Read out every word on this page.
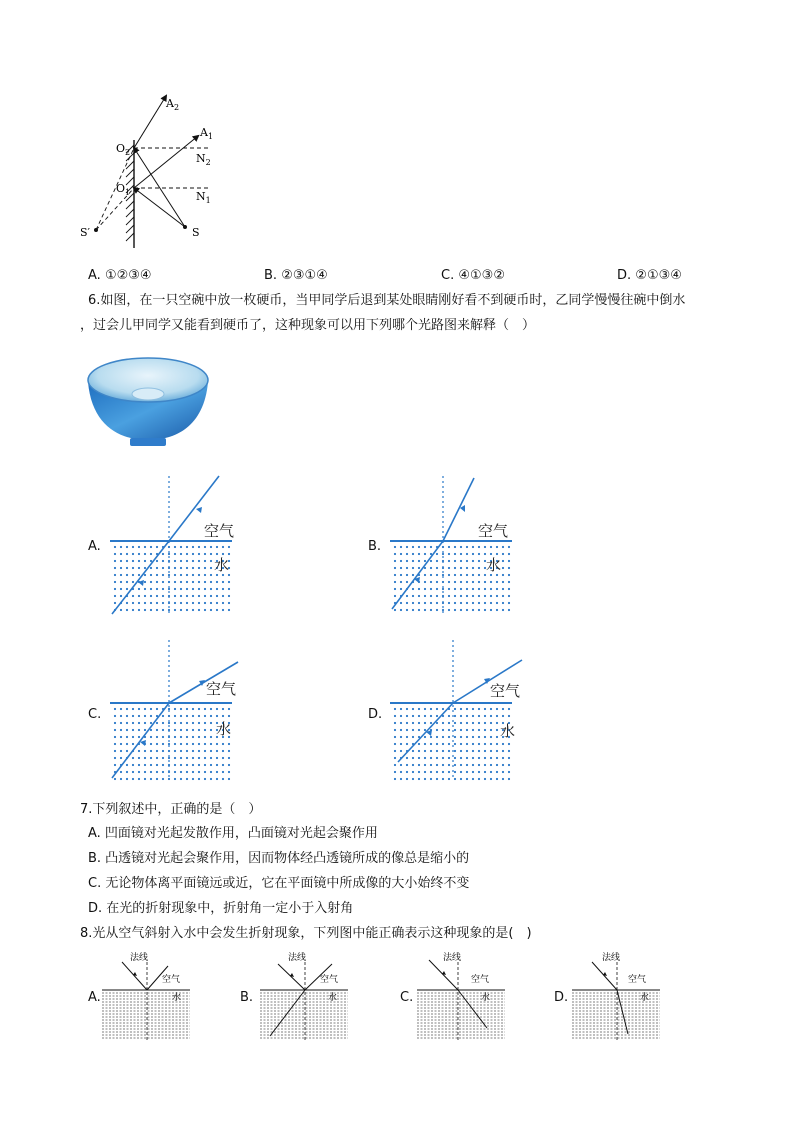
$A_2$
$A_1$
$O_2$
$O_1$
$N_2$
$N_1$
S′	S
A. ①②③④	B. ②③①④	C. ④①③②	D. ②①③④
6.如图，在一只空碗中放一枚硬币，当甲同学后退到某处眼睛刚好看不到硬币时，乙同学慢慢往碗中倒水
，过会儿甲同学又能看到硬币了，这种现象可以用下列哪个光路图来解释（　）
A.
空气
水
B.
空气
水
C.
空气
水
D.
空气
水
7.下列叙述中，正确的是（　）
A. 凹面镜对光起发散作用，凸面镜对光起会聚作用
B. 凸透镜对光起会聚作用，因而物体经凸透镜所成的像总是缩小的
C. 无论物体离平面镜远或近，它在平面镜中所成像的大小始终不变
D. 在光的折射现象中，折射角一定小于入射角
8.光从空气斜射入水中会发生折射现象，下列图中能正确表示这种现象的是(　)
A.
法线
空气
水	B.
法线
空气
水	C.
法线
空气
水	D.
法线
空气
水
